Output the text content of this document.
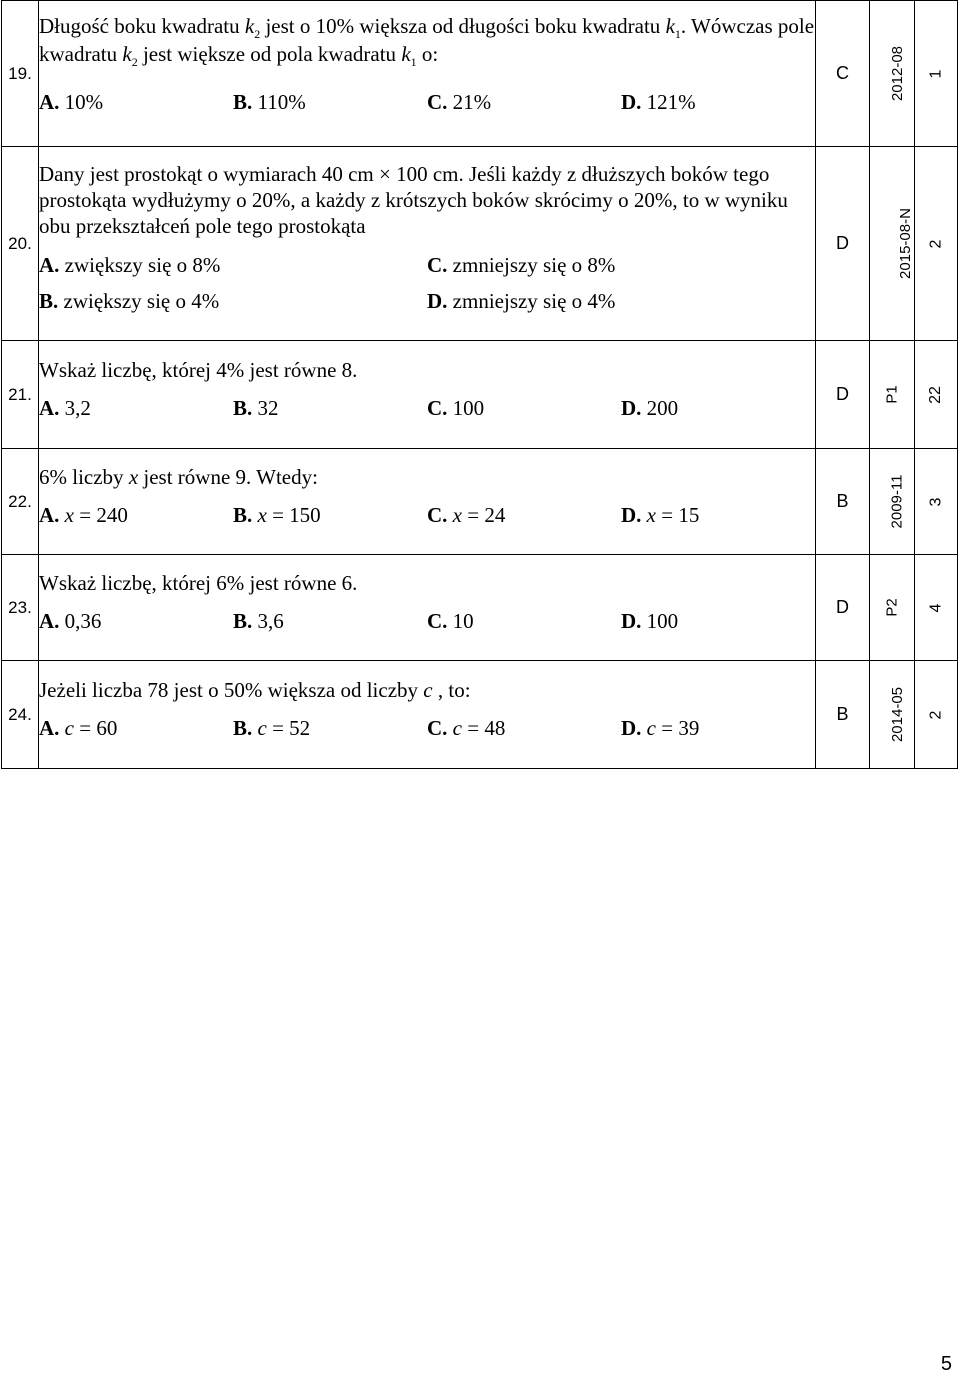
19.	Długość boku kwadratu $k_2$ jest o 10% większa od długości boku kwadratu $k_1$. Wówczas pole kwadratu $k_2$ jest większe od pola kwadratu $k_1$ o:

A. 10% B. 110% C. 21% D. 121%	C	2012-08	1
20.	Dany jest prostokąt o wymiarach 40 cm × 100 cm. Jeśli każdy z dłuższych boków tego prostokąta wydłużymy o 20%, a każdy z krótszych boków skrócimy o 20%, to w wyniku obu przekształceń pole tego prostokąta

A. zwiększy się o 8% C. zmniejszy się o 8%
B. zwiększy się o 4% D. zmniejszy się o 4%	D	2015-08-N	2
21.	Wskaż liczbę, której 4% jest równe 8.

A. 3,2 B. 32 C. 100 D. 200	D	P1	22
22.	6% liczby x jest równe 9. Wtedy:

A. x = 240 B. x = 150 C. x = 24 D. x = 15	B	2009-11	3
23.	Wskaż liczbę, której 6% jest równe 6.

A. 0,36 B. 3,6 C. 10 D. 100	D	P2	4
24.	Jeżeli liczba 78 jest o 50% większa od liczby c , to:

A. c = 60 B. c = 52 C. c = 48 D. c = 39	B	2014-05	2
5
